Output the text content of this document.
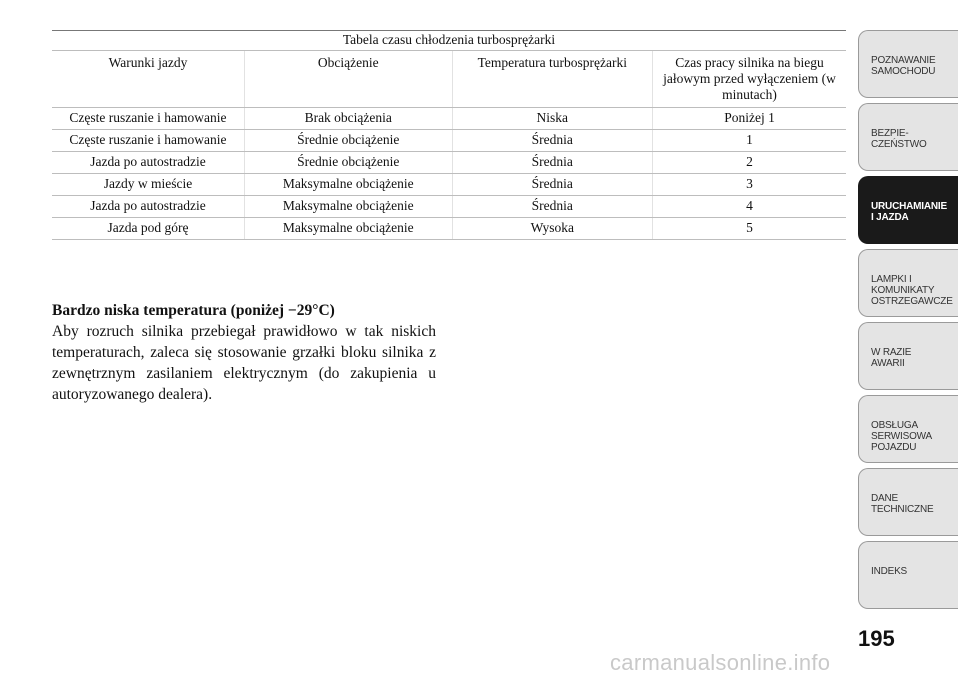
Tabela czasu chłodzenia turbosprężarki
Warunki jazdy	Obciążenie	Temperatura turbosprężarki	Czas pracy silnika na biegu jałowym przed wyłączeniem (w minutach)
Częste ruszanie i hamowanie	Brak obciążenia	Niska	Poniżej 1
Częste ruszanie i hamowanie	Średnie obciążenie	Średnia	1
Jazda po autostradzie	Średnie obciążenie	Średnia	2
Jazdy w mieście	Maksymalne obciążenie	Średnia	3
Jazda po autostradzie	Maksymalne obciążenie	Średnia	4
Jazda pod górę	Maksymalne obciążenie	Wysoka	5
Bardzo niska temperatura (poniżej −29°C)

Aby rozruch silnika przebiegał prawidłowo w tak niskich temperaturach, zaleca się stosowanie grzałki bloku silnika z zewnętrznym zasilaniem elektrycznym (do zakupienia u autoryzowanego dealera).

POZNAWANIE
SAMOCHODU
BEZPIE-
CZEŃSTWO
URUCHAMIANIE
I JAZDA
LAMPKI I
KOMUNIKATY
OSTRZEGAWCZE
W RAZIE
AWARII
OBSŁUGA
SERWISOWA
POJAZDU
DANE
TECHNICZNE
INDEKS
195
carmanualsonline.info
